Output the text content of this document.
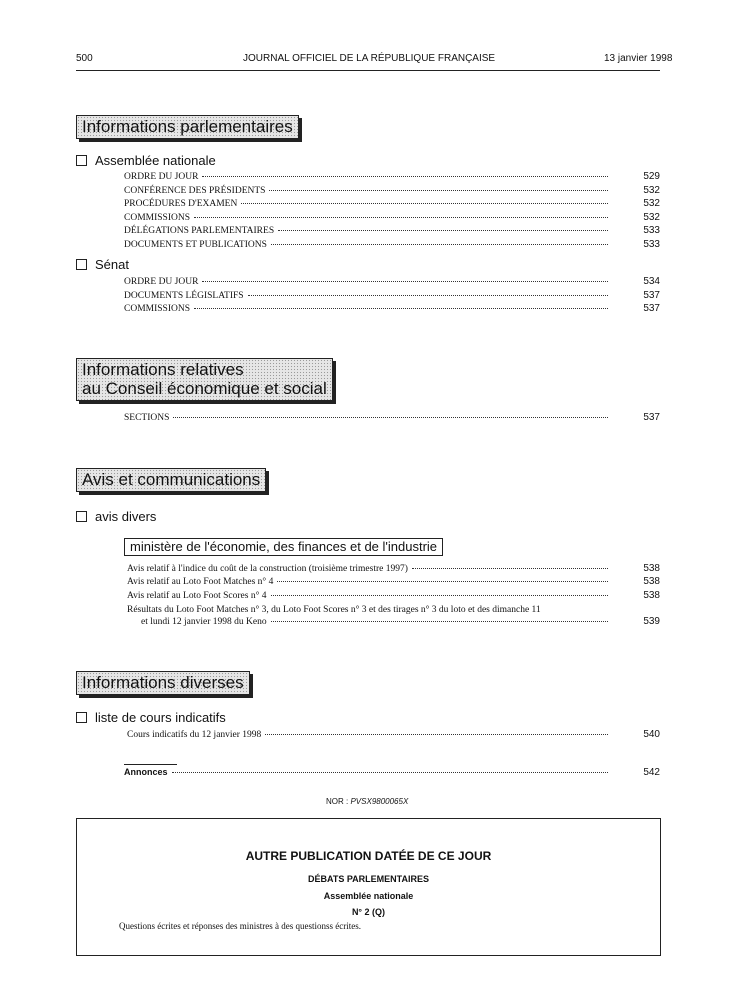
500	JOURNAL OFFICIEL DE LA RÉPUBLIQUE FRANÇAISE	13 janvier 1998
Informations parlementaires
Assemblée nationale
ORDRE DU JOUR	529
CONFÉRENCE DES PRÉSIDENTS	532
PROCÉDURES D'EXAMEN	532
COMMISSIONS	532
DÉLÉGATIONS PARLEMENTAIRES	533
DOCUMENTS ET PUBLICATIONS	533
Sénat
ORDRE DU JOUR	534
DOCUMENTS LÉGISLATIFS	537
COMMISSIONS	537
Informations relatives
au Conseil économique et social
SECTIONS	537
Avis et communications
avis divers
ministère de l'économie, des finances et de l'industrie
Avis relatif à l'indice du coût de la construction (troisième trimestre 1997)	538
Avis relatif au Loto Foot Matches n° 4	538
Avis relatif au Loto Foot Scores n° 4	538
Résultats du Loto Foot Matches n° 3, du Loto Foot Scores n° 3 et des tirages n° 3 du loto et des dimanche 11
et lundi 12 janvier 1998 du Keno	539
Informations diverses
liste de cours indicatifs
Cours indicatifs du 12 janvier 1998	540
Annonces	542
NOR : PVSX9800065X
AUTRE PUBLICATION DATÉE DE CE JOUR
DÉBATS PARLEMENTAIRES
Assemblée nationale
N° 2 (Q)
Questions écrites et réponses des ministres à des questionss écrites.
